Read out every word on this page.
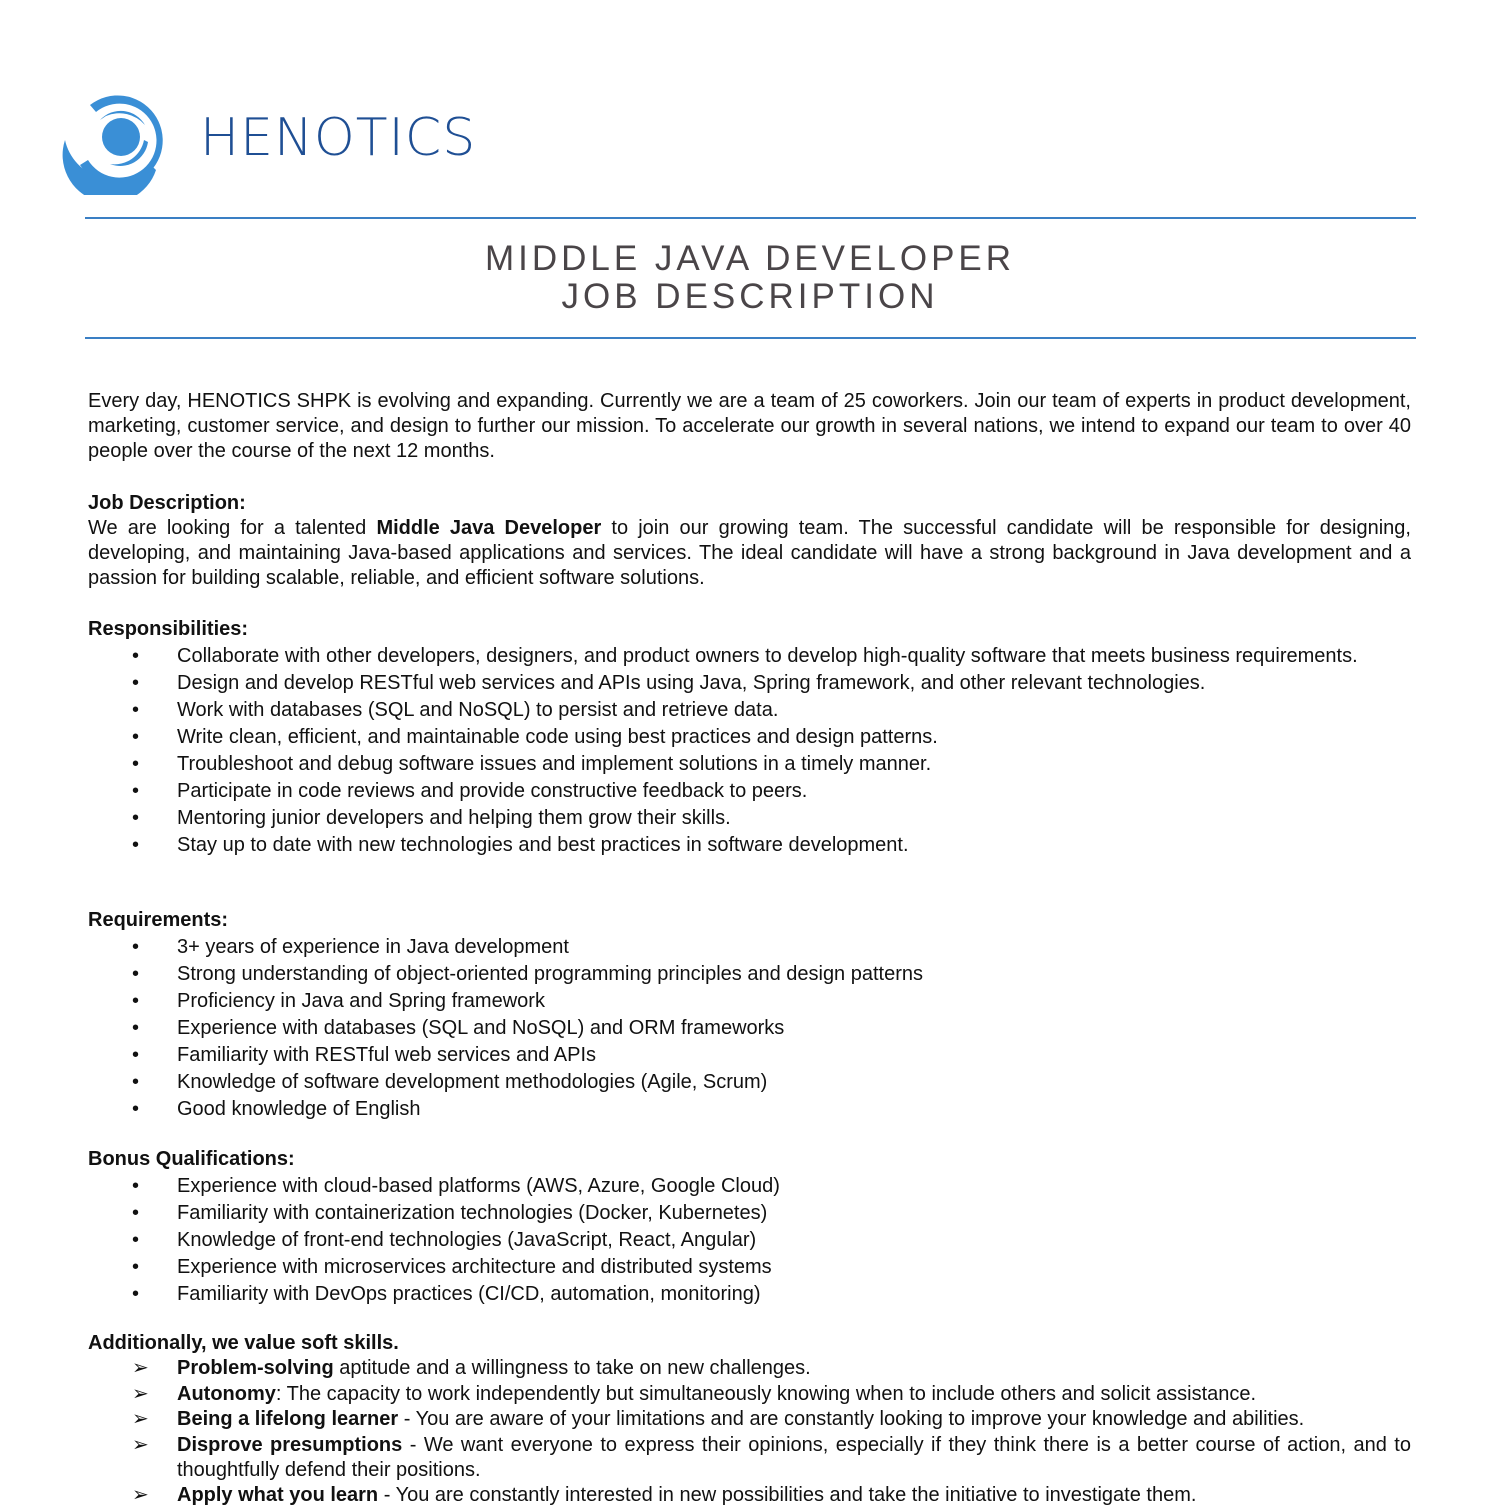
HENOTICS
MIDDLE JAVA DEVELOPER
JOB DESCRIPTION
Every day, HENOTICS SHPK is evolving and expanding. Currently we are a team of 25 coworkers. Join our team of experts in product development, marketing, customer service, and design to further our mission. To accelerate our growth in several nations, we intend to expand our team to over 40 people over the course of the next 12 months.
Job Description:
We are looking for a talented Middle Java Developer to join our growing team. The successful candidate will be responsible for designing, developing, and maintaining Java-based applications and services. The ideal candidate will have a strong background in Java development and a passion for building scalable, reliable, and efficient software solutions.
Responsibilities:
• Collaborate with other developers, designers, and product owners to develop high-quality software that meets business requirements.
• Design and develop RESTful web services and APIs using Java, Spring framework, and other relevant technologies.
• Work with databases (SQL and NoSQL) to persist and retrieve data.
• Write clean, efficient, and maintainable code using best practices and design patterns.
• Troubleshoot and debug software issues and implement solutions in a timely manner.
• Participate in code reviews and provide constructive feedback to peers.
• Mentoring junior developers and helping them grow their skills.
• Stay up to date with new technologies and best practices in software development.
Requirements:
• 3+ years of experience in Java development
• Strong understanding of object-oriented programming principles and design patterns
• Proficiency in Java and Spring framework
• Experience with databases (SQL and NoSQL) and ORM frameworks
• Familiarity with RESTful web services and APIs
• Knowledge of software development methodologies (Agile, Scrum)
• Good knowledge of English
Bonus Qualifications:
• Experience with cloud-based platforms (AWS, Azure, Google Cloud)
• Familiarity with containerization technologies (Docker, Kubernetes)
• Knowledge of front-end technologies (JavaScript, React, Angular)
• Experience with microservices architecture and distributed systems
• Familiarity with DevOps practices (CI/CD, automation, monitoring)
Additionally, we value soft skills.
➢ Problem-solving aptitude and a willingness to take on new challenges.
➢ Autonomy: The capacity to work independently but simultaneously knowing when to include others and solicit assistance.
➢ Being a lifelong learner - You are aware of your limitations and are constantly looking to improve your knowledge and abilities.
➢ Disprove presumptions - We want everyone to express their opinions, especially if they think there is a better course of action, and to thoughtfully defend their positions.
➢ Apply what you learn - You are constantly interested in new possibilities and take the initiative to investigate them.
